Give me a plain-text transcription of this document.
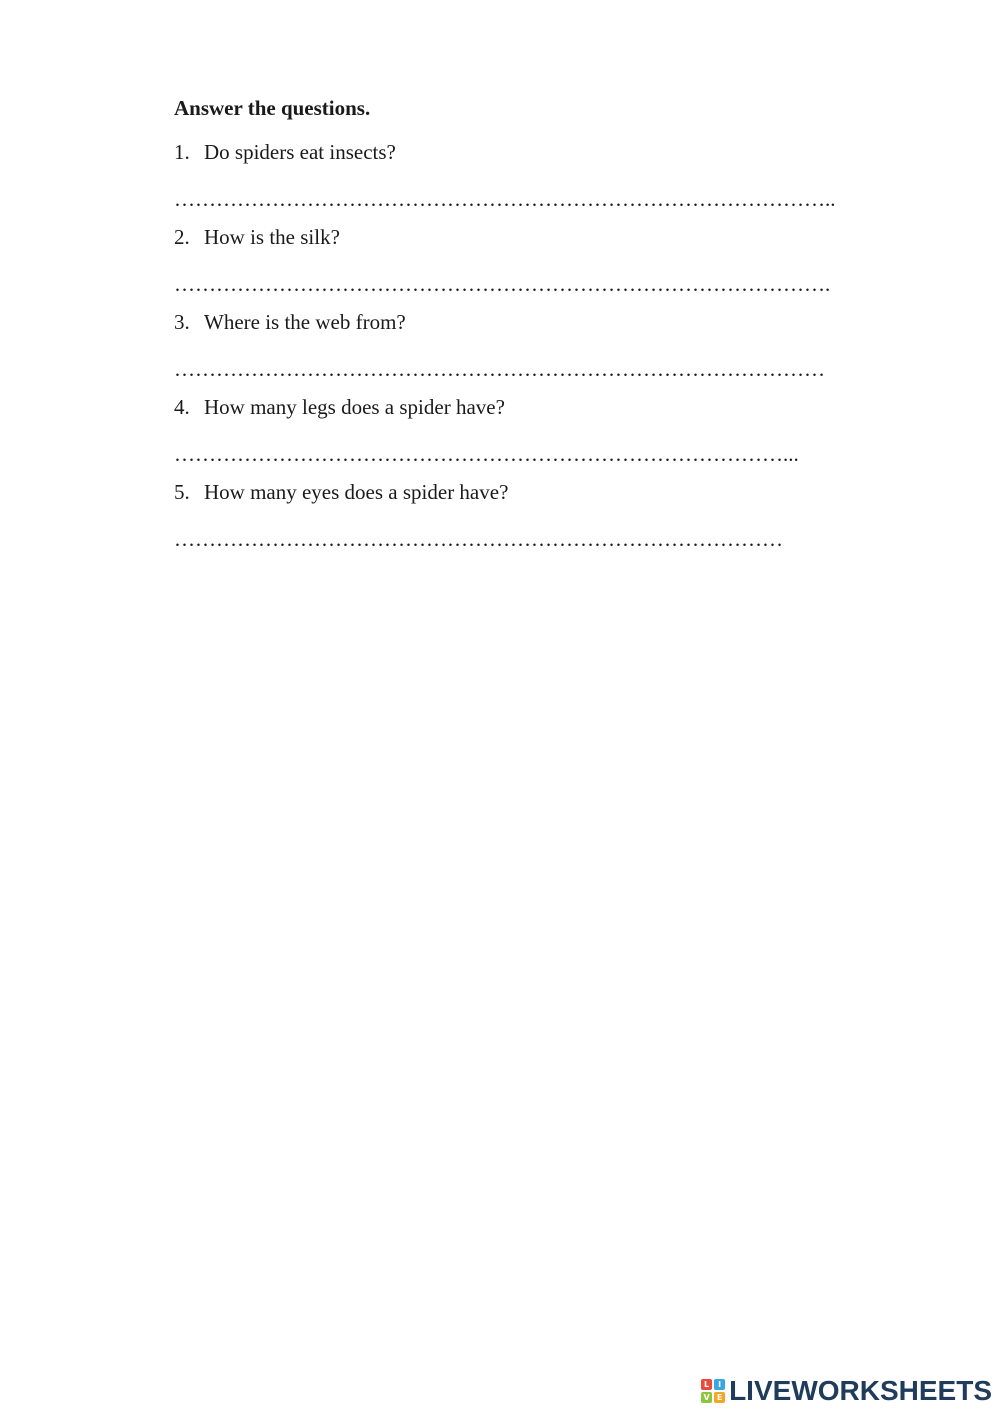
Answer the questions.

1. Do spiders eat insects?

…………………………………………………………………………………..

2. How is the silk?

………………………………………………………………………………….

3. Where is the web from?

…………………………………………………………………………………

4. How many legs does a spider have?

……………………………………………………………………………...

5. How many eyes does a spider have?

……………………………………………………………………………
L	I
V E LIVEWORKSHEETS
